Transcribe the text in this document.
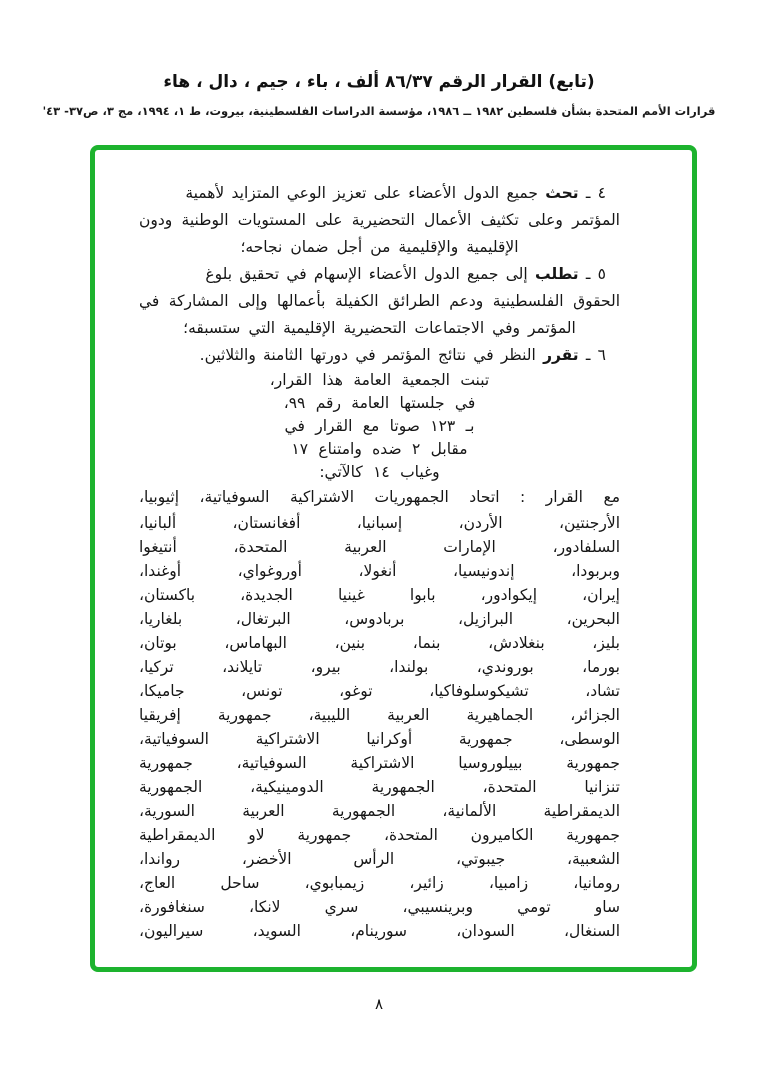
(تابع) القرار الرقم ٨٦/٣٧ ألف ، باء ، جيم ، دال ، هاء
قرارات الأمم المتحدة بشأن فلسطين ١٩٨٢ ــ ١٩٨٦، مؤسسة الدراسات الفلسطينية، بيروت، ط ١، ١٩٩٤، مج ٣، ص٣٧- ٤٣'
٤ ـ تحث جميع الدول الأعضاء على تعزيز الوعي المتزايد لأهمية
المؤتمر وعلى تكثيف الأعمال التحضيرية على المستويات الوطنية ودون
الإقليمية والإقليمية من أجل ضمان نجاحه؛
٥ ـ تطلب إلى جميع الدول الأعضاء الإسهام في تحقيق بلوغ
الحقوق الفلسطينية ودعم الطرائق الكفيلة بأعمالها وإلى المشاركة في
المؤتمر وفي الاجتماعات التحضيرية الإقليمية التي ستسبقه؛
٦ ـ تقرر النظر في نتائج المؤتمر في دورتها الثامنة والثلاثين.
تبنت الجمعية العامة هذا القرار،
في جلستها العامة رقم ٩٩،
بـ ١٢٣ صوتا مع القرار في
مقابل ٢ ضده وامتناع ١٧
وغياب ١٤ كالآتي:
مع القرار : اتحاد الجمهوريات الاشتراكية السوفياتية، إثيوبيا،
الأرجنتين، الأردن، إسبانيا، أفغانستان، ألبانيا،
السلفادور، الإمارات العربية المتحدة، أنتيغوا
وبربودا، إندونيسيا، أنغولا، أوروغواي، أوغندا،
إيران، إيكوادور، بابوا غينيا الجديدة، باكستان،
البحرين، البرازيل، بربادوس، البرتغال، بلغاريا،
بليز، بنغلادش، بنما، بنين، البهاماس، بوتان،
بورما، بوروندي، بولندا، بيرو، تايلاند، تركيا،
تشاد، تشيكوسلوفاكيا، توغو، تونس، جاميكا،
الجزائر، الجماهيرية العربية الليبية، جمهورية إفريقيا
الوسطى، جمهورية أوكرانيا الاشتراكية السوفياتية،
جمهورية بييلوروسيا الاشتراكية السوفياتية، جمهورية
تنزانيا المتحدة، الجمهورية الدومينيكية، الجمهورية
الديمقراطية الألمانية، الجمهورية العربية السورية،
جمهورية الكاميرون المتحدة، جمهورية لاو الديمقراطية
الشعبية، جيبوتي، الرأس الأخضر، رواندا،
رومانيا، زامبيا، زائير، زيمبابوي، ساحل العاج،
ساو تومي وبرينسيبي، سري لانكا، سنغافورة،
السنغال، السودان، سورينام، السويد، سيراليون،
٨
